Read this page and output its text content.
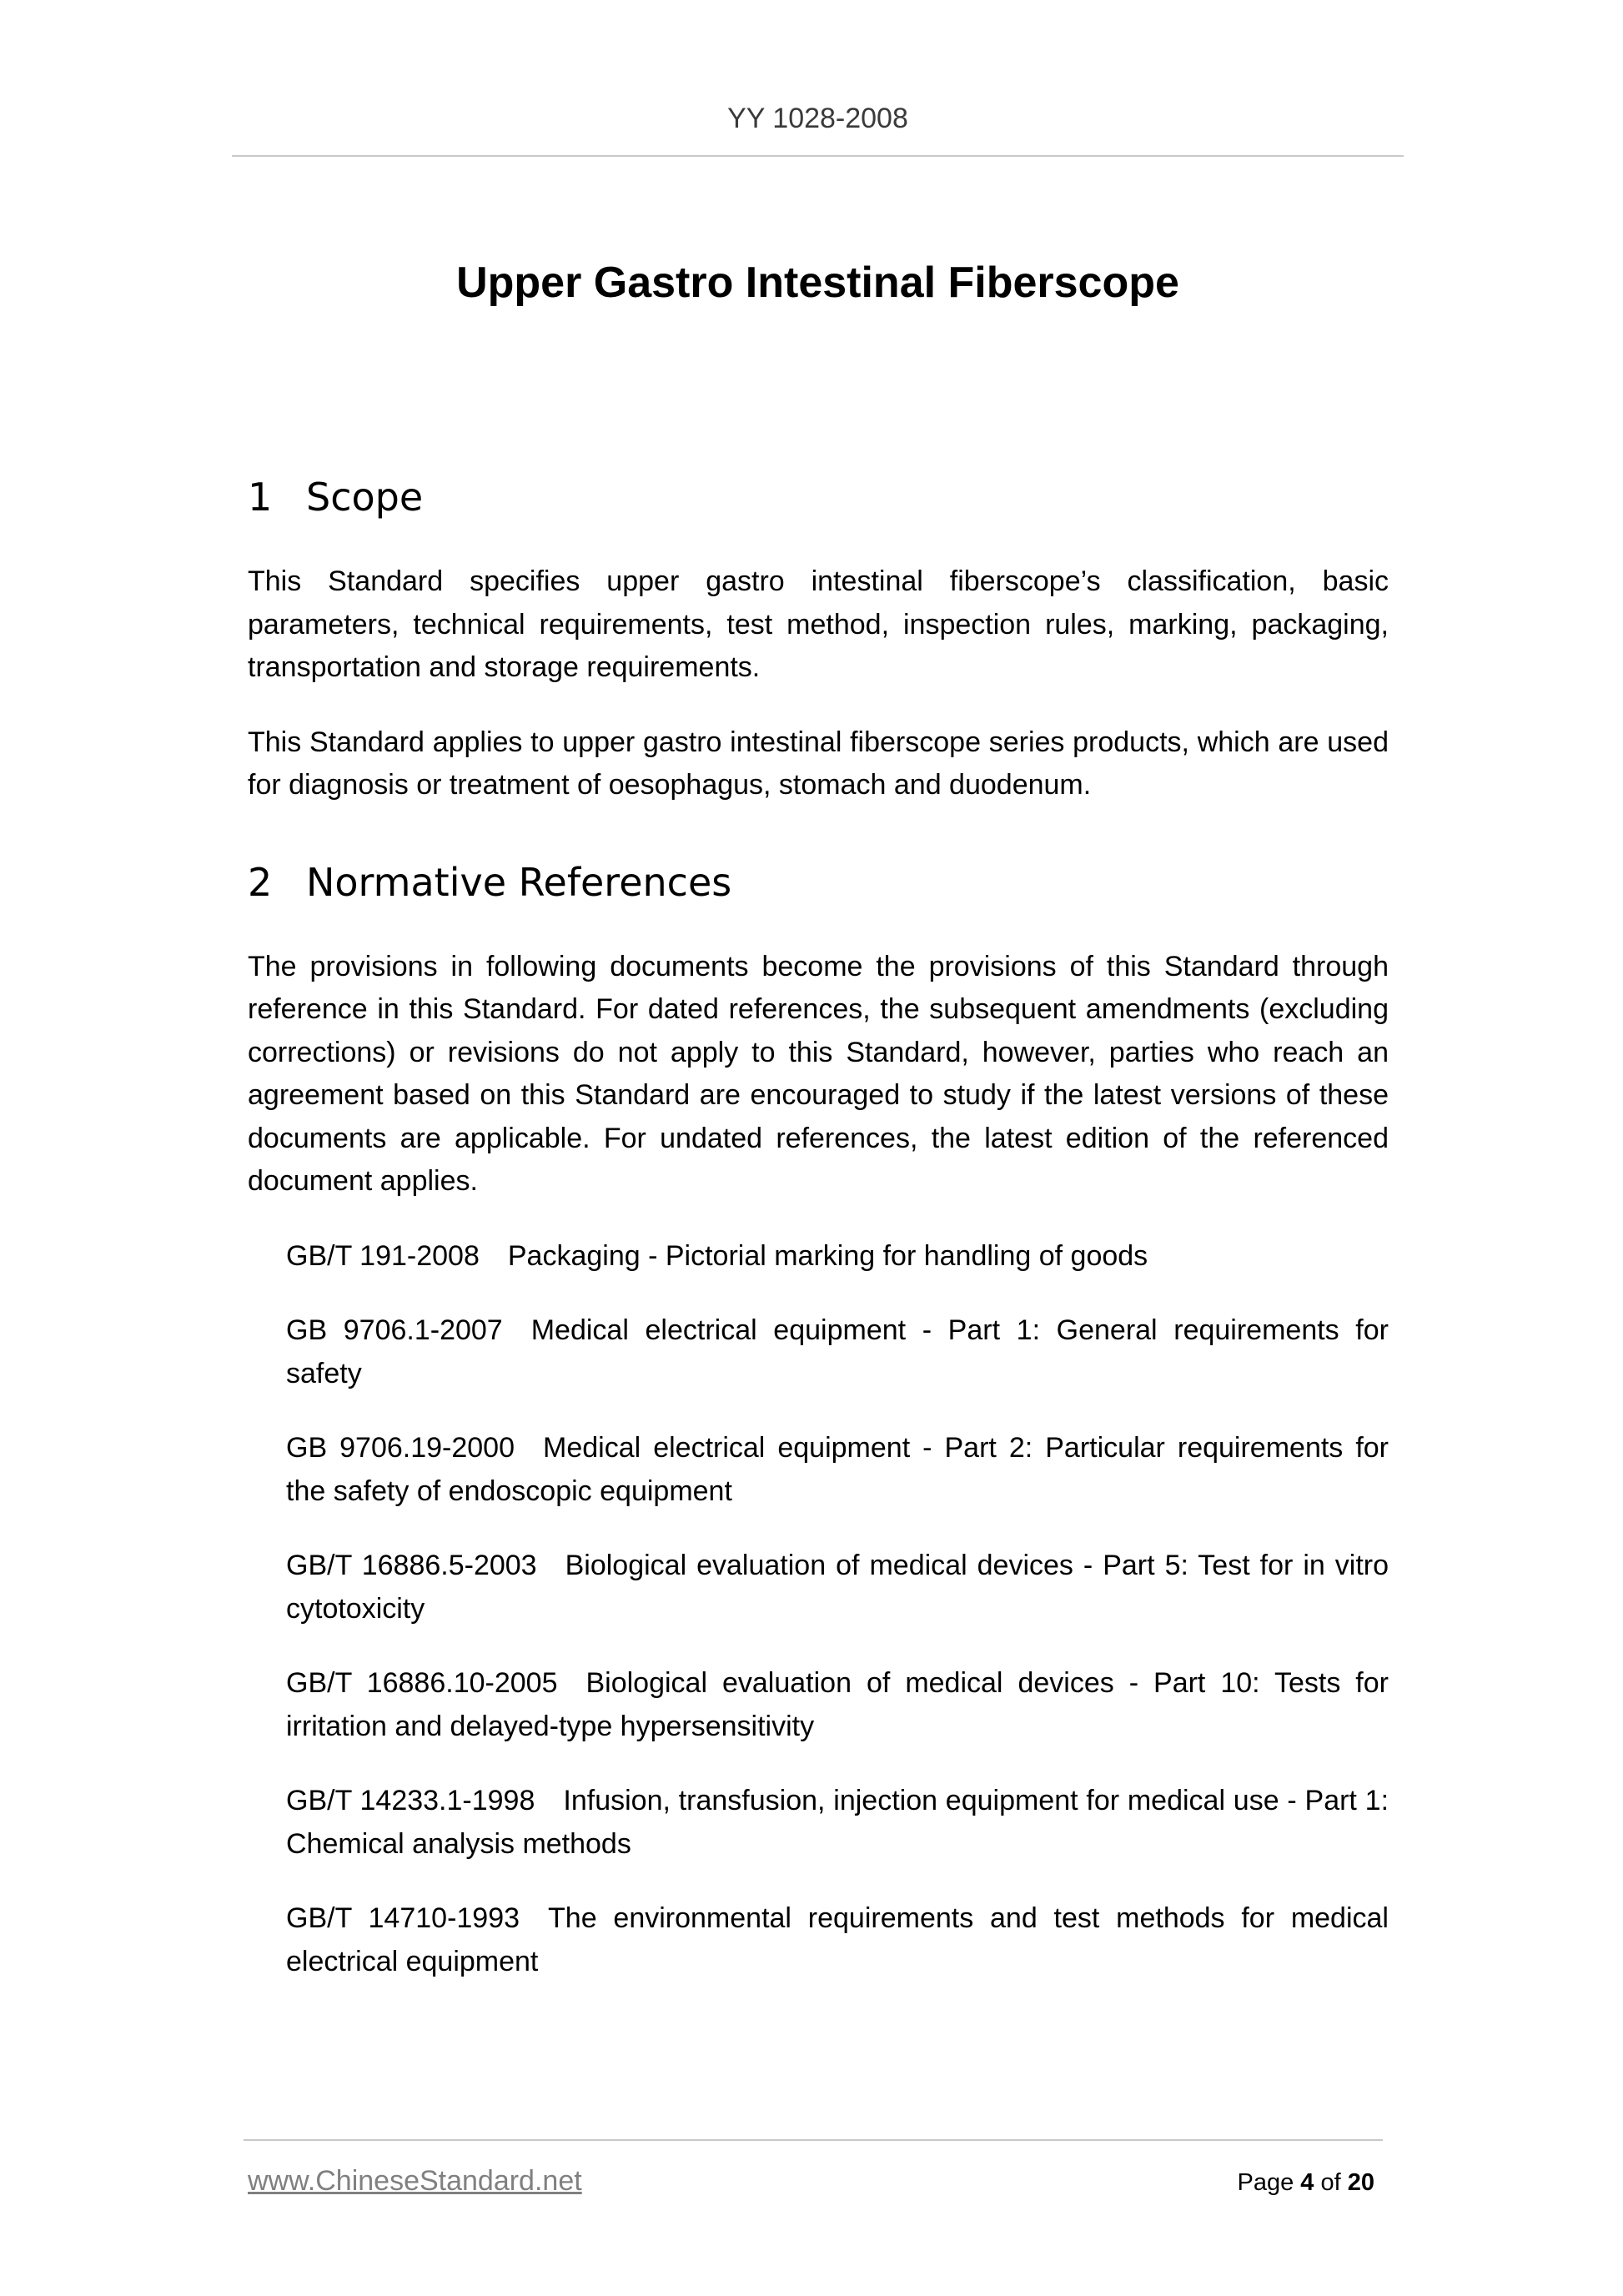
YY 1028-2008
Upper Gastro Intestinal Fiberscope
1 Scope

This Standard specifies upper gastro intestinal fiberscope’s classification, basic parameters, technical requirements, test method, inspection rules, marking, packaging, transportation and storage requirements.

This Standard applies to upper gastro intestinal fiberscope series products, which are used for diagnosis or treatment of oesophagus, stomach and duodenum.

2 Normative References

The provisions in following documents become the provisions of this Standard through reference in this Standard. For dated references, the subsequent amendments (excluding corrections) or revisions do not apply to this Standard, however, parties who reach an agreement based on this Standard are encouraged to study if the latest versions of these documents are applicable. For undated references, the latest edition of the referenced document applies.

GB/T 191-2008 Packaging - Pictorial marking for handling of goods

GB 9706.1-2007 Medical electrical equipment - Part 1: General requirements for safety

GB 9706.19-2000 Medical electrical equipment - Part 2: Particular requirements for the safety of endoscopic equipment

GB/T 16886.5-2003 Biological evaluation of medical devices - Part 5: Test for in vitro cytotoxicity

GB/T 16886.10-2005 Biological evaluation of medical devices - Part 10: Tests for irritation and delayed-type hypersensitivity

GB/T 14233.1-1998 Infusion, transfusion, injection equipment for medical use - Part 1: Chemical analysis methods

GB/T 14710-1993 The environmental requirements and test methods for medical electrical equipment

www.ChineseStandard.net	Page 4 of 20
